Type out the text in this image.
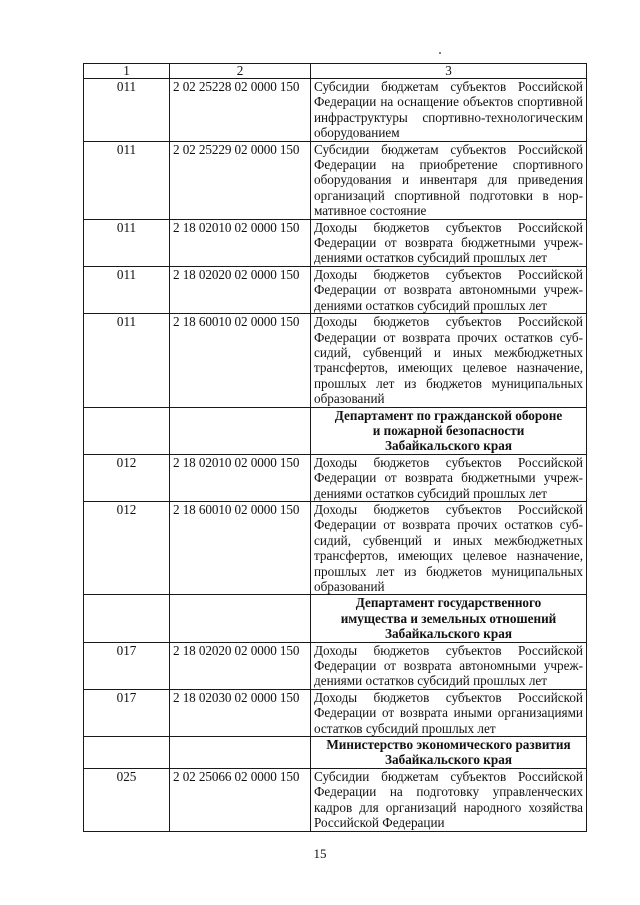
1	2	3
011	2 02 25228 02 0000 150	Субсидии бюджетам субъектов Российской Федерации на оснащение объектов спортивной инфраструктуры спортивно-технологическим оборудованием
011	2 02 25229 02 0000 150	Субсидии бюджетам субъектов Российской Федерации на приобретение спортивного оборудования и инвентаря для приведения организаций спортивной подготовки в нормативное состояние
011	2 18 02010 02 0000 150	Доходы бюджетов субъектов Российской Федерации от возврата бюджетными учреждениями остатков субсидий прошлых лет
011	2 18 02020 02 0000 150	Доходы бюджетов субъектов Российской Федерации от возврата автономными учреждениями остатков субсидий прошлых лет
011	2 18 60010 02 0000 150	Доходы бюджетов субъектов Российской Федерации от возврата прочих остатков субсидий, субвенций и иных межбюджетных трансфертов, имеющих целевое назначение, прошлых лет из бюджетов муниципальных образований
		Департамент по гражданской обороне
и пожарной безопасности
Забайкальского края
012	2 18 02010 02 0000 150	Доходы бюджетов субъектов Российской Федерации от возврата бюджетными учреждениями остатков субсидий прошлых лет
012	2 18 60010 02 0000 150	Доходы бюджетов субъектов Российской Федерации от возврата прочих остатков субсидий, субвенций и иных межбюджетных трансфертов, имеющих целевое назначение, прошлых лет из бюджетов муниципальных образований
		Департамент государственного
имущества и земельных отношений
Забайкальского края
017	2 18 02020 02 0000 150	Доходы бюджетов субъектов Российской Федерации от возврата автономными учреждениями остатков субсидий прошлых лет
017	2 18 02030 02 0000 150	Доходы бюджетов субъектов Российской Федерации от возврата иными организациями остатков субсидий прошлых лет
		Министерство экономического развития
Забайкальского края
025	2 02 25066 02 0000 150	Субсидии бюджетам субъектов Российской Федерации на подготовку управленческих кадров для организаций народного хозяйства Российской Федерации
15
